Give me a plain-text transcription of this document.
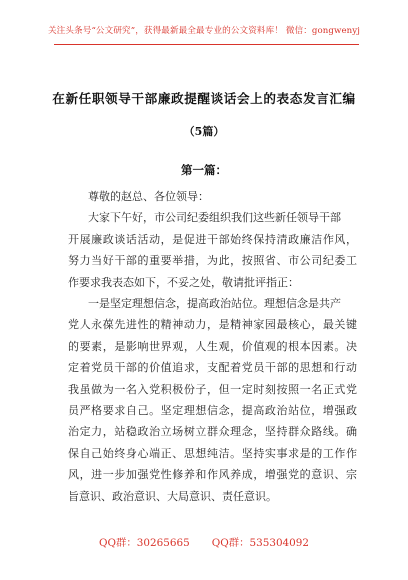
关注头条号“公文研究”，获得最新最全最专业的公文资料库！ 微信：gongwenyj
在新任职领导干部廉政提醒谈话会上的表态发言汇编
（5篇）
第一篇：
尊敬的赵总、各位领导：
大家下午好，市公司纪委组织我们这些新任领导干部
开展廉政谈话活动，是促进干部始终保持清政廉洁作风，
努力当好干部的重要举措，为此，按照省、市公司纪委工
作要求我表态如下，不妥之处，敬请批评指正：
一是坚定理想信念，提高政治站位。理想信念是共产
党人永葆先进性的精神动力，是精神家园最核心，最关键
的要素，是影响世界观，人生观，价值观的根本因素。决
定着党员干部的价值追求，支配着党员干部的思想和行动
我虽做为一名入党积极份子，但一定时刻按照一名正式党
员严格要求自己。坚定理想信念，提高政治站位，增强政
治定力，站稳政治立场树立群众理念，坚持群众路线。确
保自己始终身心端正、思想纯洁。坚持实事求是的工作作
风，进一步加强党性修养和作风养成，增强党的意识、宗
旨意识、政治意识、大局意识、责任意识。
QQ群：30265665 QQ群：535304092
